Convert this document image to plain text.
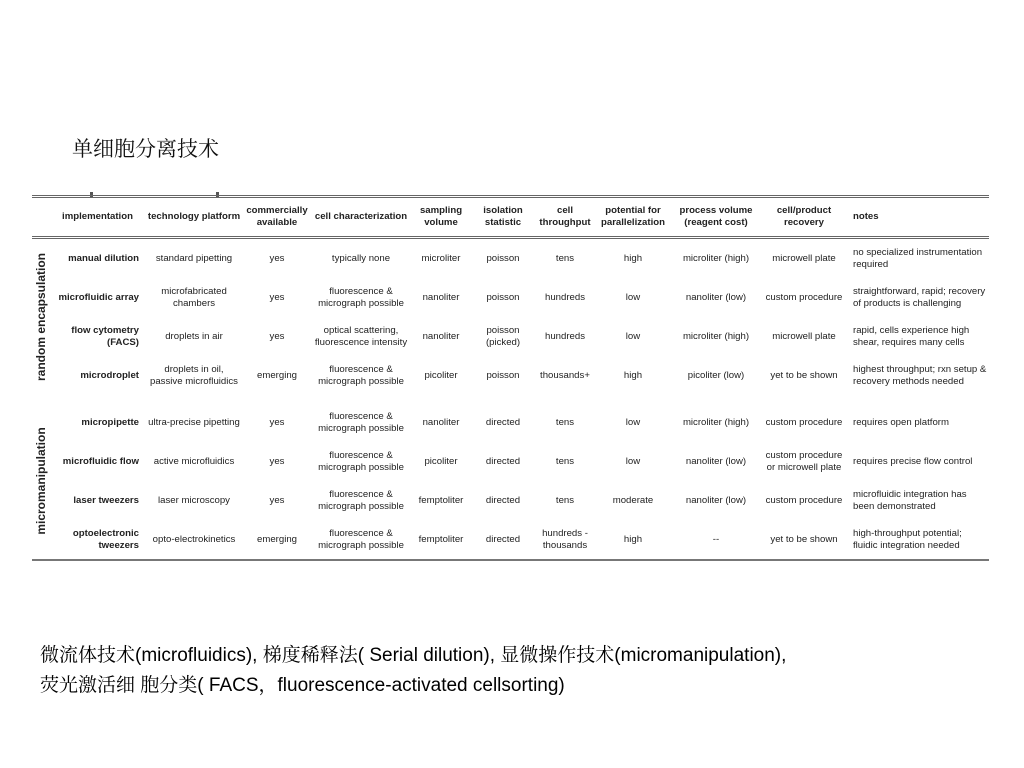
单细胞分离技术
	implementation	technology platform	commercially available	cell characterization	sampling volume	isolation statistic	cell throughput	potential for parallelization	process volume (reagent cost)	cell/product recovery	notes

random encapsulation	manual dilution	standard pipetting	yes	typically none	microliter	poisson	tens	high	microliter (high)	microwell plate	no specialized instrumentation required
	microfluidic array	microfabricated chambers	yes	fluorescence & micrograph possible	nanoliter	poisson	hundreds	low	nanoliter (low)	custom procedure	straightforward, rapid; recovery of products is challenging
	flow cytometry (FACS)	droplets in air	yes	optical scattering, fluorescence intensity	nanoliter	poisson (picked)	hundreds	low	microliter (high)	microwell plate	rapid, cells experience high shear, requires many cells
	microdroplet	droplets in oil, passive microfluidics	emerging	fluorescence & micrograph possible	picoliter	poisson	thousands+	high	picoliter (low)	yet to be shown	highest throughput; rxn setup & recovery methods needed

micromanipulation	micropipette	ultra-precise pipetting	yes	fluorescence & micrograph possible	nanoliter	directed	tens	low	microliter (high)	custom procedure	requires open platform
	microfluidic flow	active microfluidics	yes	fluorescence & micrograph possible	picoliter	directed	tens	low	nanoliter (low)	custom procedure or microwell plate	requires precise flow control
	laser tweezers	laser microscopy	yes	fluorescence & micrograph possible	femptoliter	directed	tens	moderate	nanoliter (low)	custom procedure	microfluidic integration has been demonstrated
	optoelectronic tweezers	opto-electrokinetics	emerging	fluorescence & micrograph possible	femptoliter	directed	hundreds - thousands	high	--	yet to be shown	high-throughput potential; fluidic integration needed
微流体技术(microfluidics), 梯度稀释法( Serial dilution), 显微操作技术(micromanipulation),
荧光激活细 胞分类( FACS，fluorescence-activated cellsorting)
